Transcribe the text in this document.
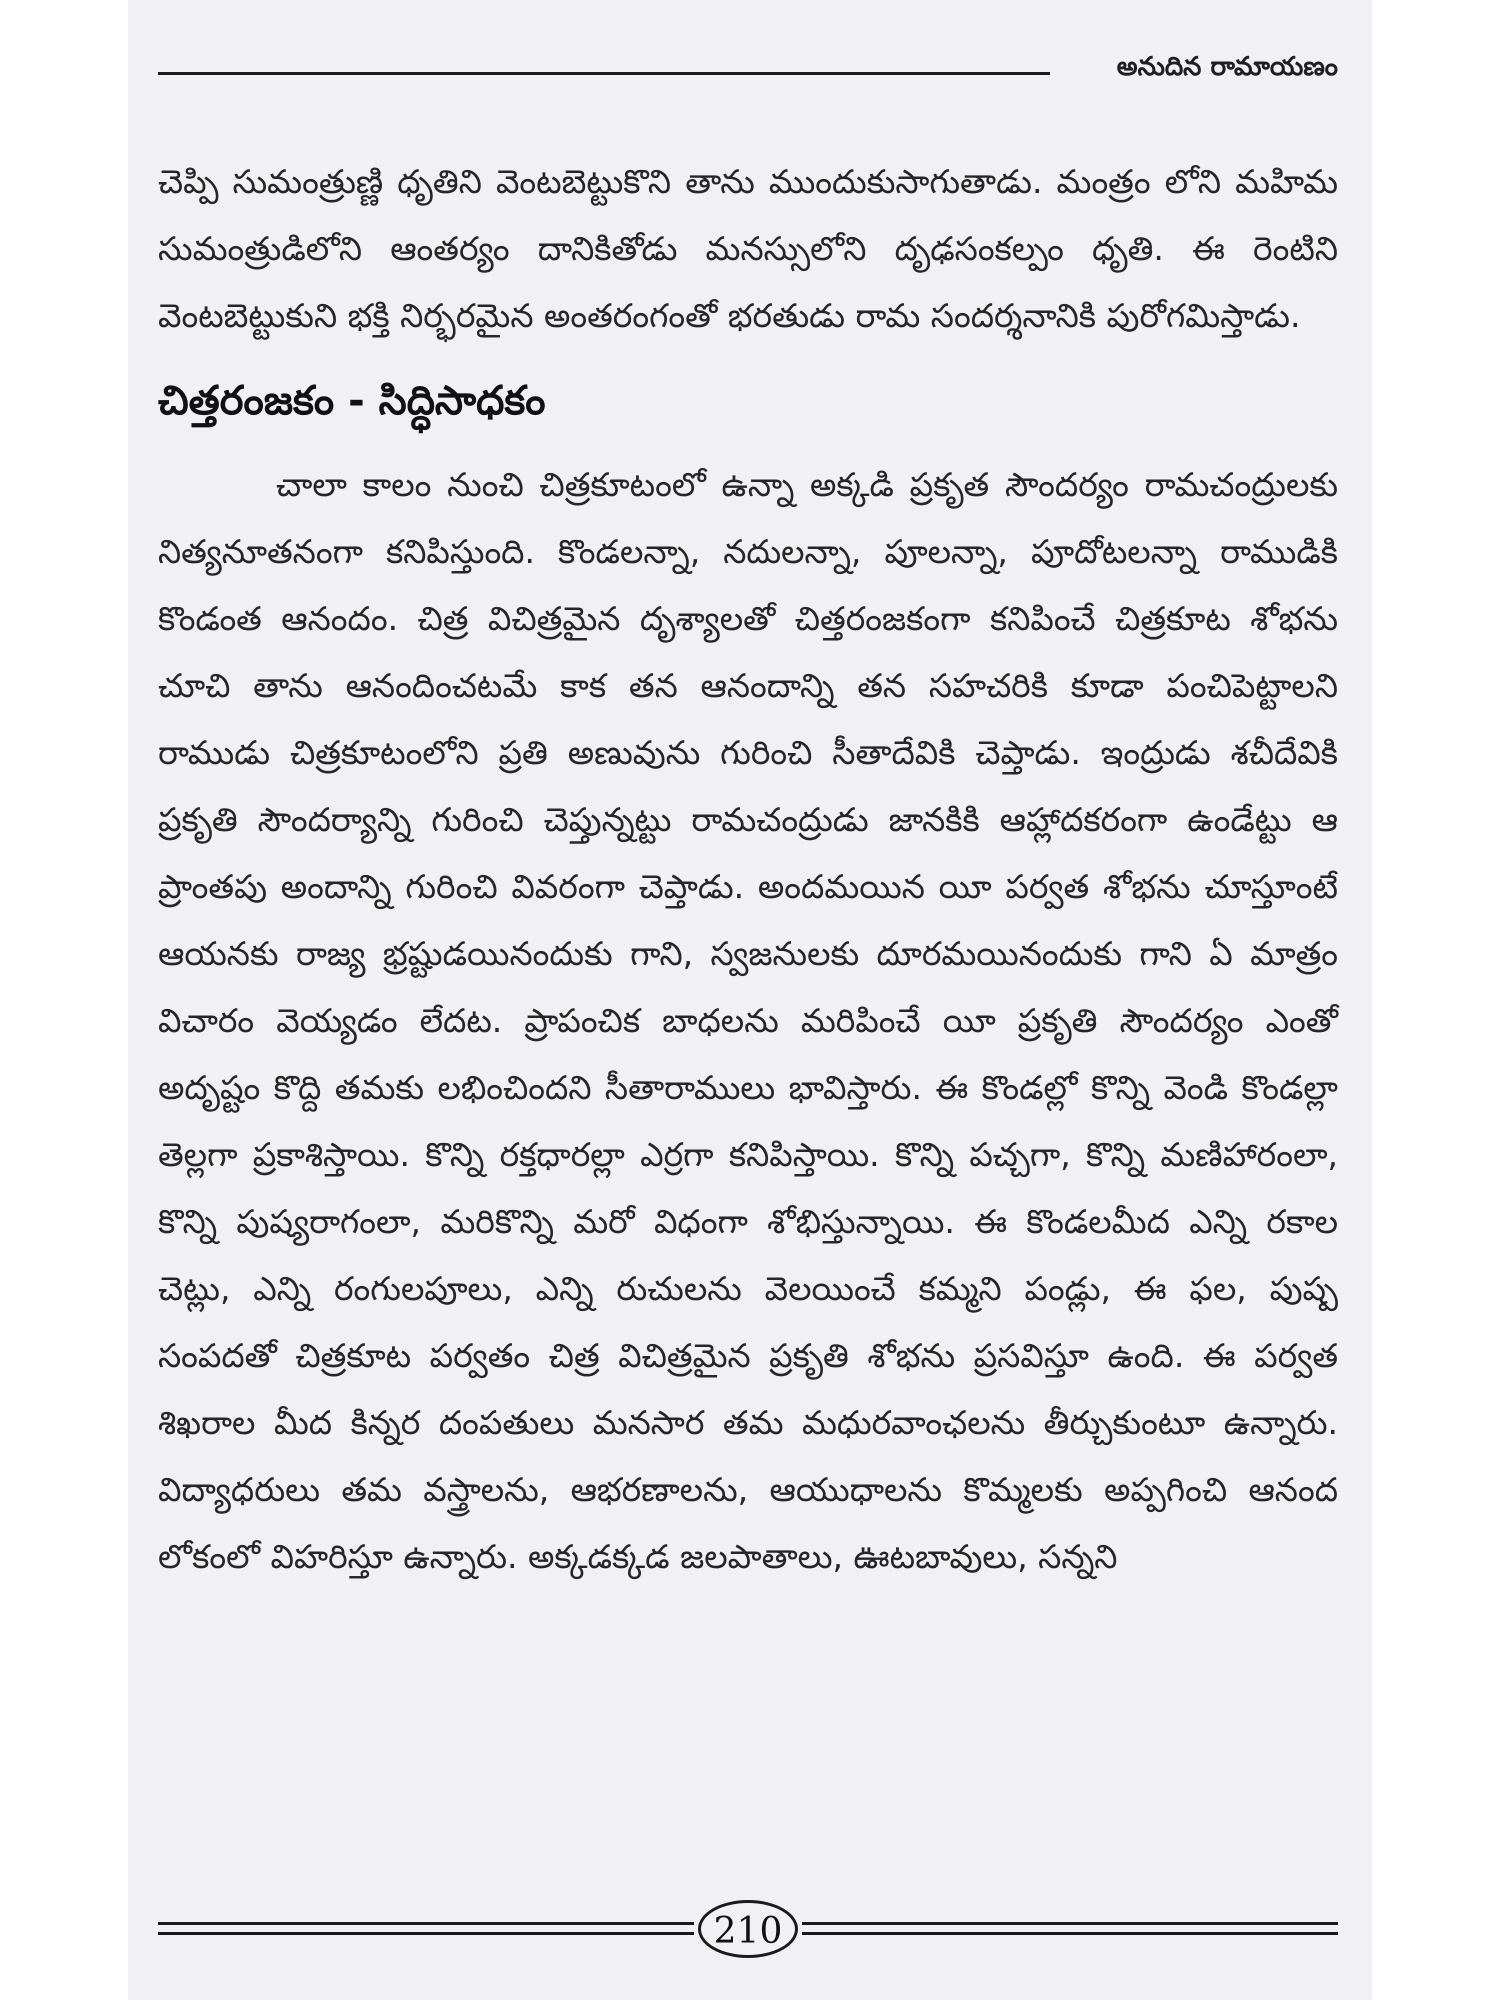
అనుదిన రామాయణం

చెప్పి సుమంత్రుణ్ణి ధృతిని వెంటబెట్టుకొని తాను ముందుకుసాగుతాడు. మంత్రం లోని మహిమ సుమంత్రుడిలోని ఆంతర్యం దానికితోడు మనస్సులోని దృఢసంకల్పం ధృతి. ఈ రెంటిని వెంటబెట్టుకుని భక్తి నిర్భరమైన అంతరంగంతో భరతుడు రామ సందర్శనానికి పురోగమిస్తాడు.

చిత్తరంజకం - సిద్ధిసాధకం

చాలా కాలం నుంచి చిత్రకూటంలో ఉన్నా అక్కడి ప్రకృత సౌందర్యం రామచంద్రులకు నిత్యనూతనంగా కనిపిస్తుంది. కొండలన్నా, నదులన్నా, పూలన్నా, పూదోటలన్నా రాముడికి కొండంత ఆనందం. చిత్ర విచిత్రమైన దృశ్యాలతో చిత్తరంజకంగా కనిపించే చిత్రకూట శోభను చూచి తాను ఆనందించటమే కాక తన ఆనందాన్ని తన సహచరికి కూడా పంచిపెట్టాలని రాముడు చిత్రకూటంలోని ప్రతి అణువును గురించి సీతాదేవికి చెప్తాడు. ఇంద్రుడు శచీదేవికి ప్రకృతి సౌందర్యాన్ని గురించి చెప్తున్నట్టు రామచంద్రుడు జానకికి ఆహ్లాదకరంగా ఉండేట్టు ఆ ప్రాంతపు అందాన్ని గురించి వివరంగా చెప్తాడు. అందమయిన యీ పర్వత శోభను చూస్తూంటే ఆయనకు రాజ్య భ్రష్టుడయినందుకు గాని, స్వజనులకు దూరమయినందుకు గాని ఏ మాత్రం విచారం వెయ్యడం లేదట. ప్రాపంచిక బాధలను మరిపించే యీ ప్రకృతి సౌందర్యం ఎంతో అదృష్టం కొద్ది తమకు లభించిందని సీతారాములు భావిస్తారు. ఈ కొండల్లో కొన్ని వెండి కొండల్లా తెల్లగా ప్రకాశిస్తాయి. కొన్ని రక్తధారల్లా ఎర్రగా కనిపిస్తాయి. కొన్ని పచ్చగా, కొన్ని మణిహారంలా, కొన్ని పుష్యరాగంలా, మరికొన్ని మరో విధంగా శోభిస్తున్నాయి. ఈ కొండలమీద ఎన్ని రకాల చెట్లు, ఎన్ని రంగులపూలు, ఎన్ని రుచులను వెలయించే కమ్మని పండ్లు, ఈ ఫల, పుష్ప సంపదతో చిత్రకూట పర్వతం చిత్ర విచిత్రమైన ప్రకృతి శోభను ప్రసవిస్తూ ఉంది. ఈ పర్వత శిఖరాల మీద కిన్నర దంపతులు మనసార తమ మధురవాంఛలను తీర్చుకుంటూ ఉన్నారు. విద్యాధరులు తమ వస్త్రాలను, ఆభరణాలను, ఆయుధాలను కొమ్మలకు అప్పగించి ఆనంద లోకంలో విహరిస్తూ ఉన్నారు. అక్కడక్కడ జలపాతాలు, ఊటబావులు, సన్నని

210
